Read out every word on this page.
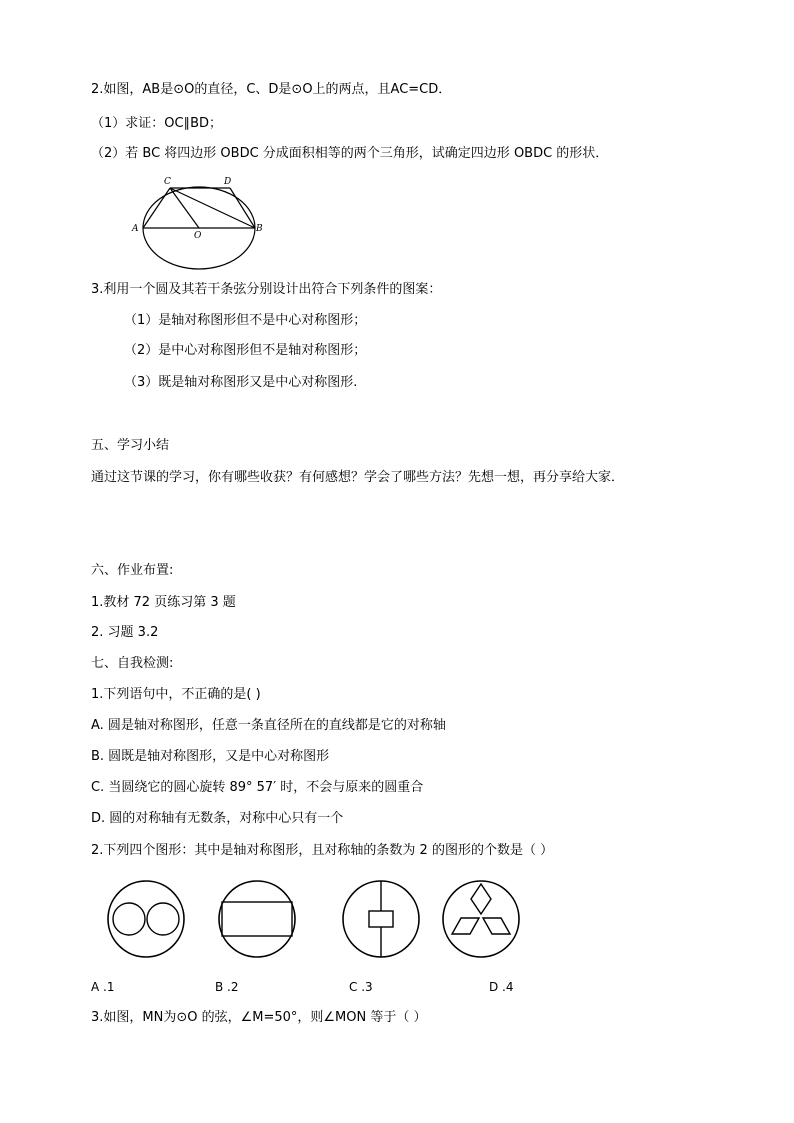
2.如图，AB是⊙O的直径，C、D是⊙O上的两点，且AC=CD．
（1）求证：OC∥BD；
（2）若 BC 将四边形 OBDC 分成面积相等的两个三角形，试确定四边形 OBDC 的形状．
C	D
A	B
O
3.利用一个圆及其若干条弦分别设计出符合下列条件的图案：
（1）是轴对称图形但不是中心对称图形；
（2）是中心对称图形但不是轴对称图形；
（3）既是轴对称图形又是中心对称图形.
五、学习小结
通过这节课的学习，你有哪些收获？有何感想？学会了哪些方法？先想一想，再分享给大家．
六、作业布置:
1.教材 72 页练习第 3 题
2. 习题 3.2
七、自我检测:
1.下列语句中，不正确的是( )
A. 圆是轴对称图形，任意一条直径所在的直线都是它的对称轴
B. 圆既是轴对称图形，又是中心对称图形
C. 当圆绕它的圆心旋转 89° 57′ 时，不会与原来的圆重合
D. 圆的对称轴有无数条，对称中心只有一个
2.下列四个图形：其中是轴对称图形，且对称轴的条数为 2 的图形的个数是（ ）
A .1	B .2	C .3	D .4
3.如图，MN为⊙O 的弦，∠M=50°，则∠MON 等于（ ）
